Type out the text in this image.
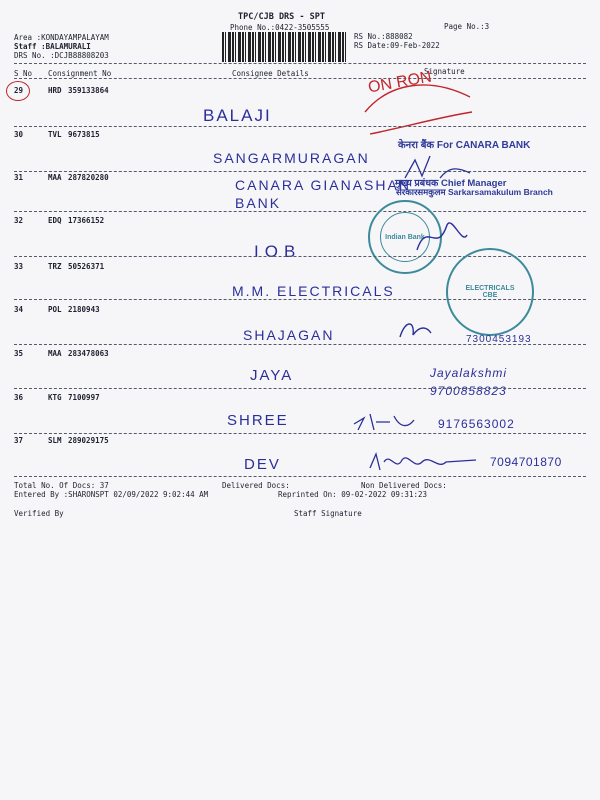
TPC/CJB DRS - SPT
Phone No.:0422-3505555	Page No.:3
Area :KONDAYAMPALAYAM
Staff :BALAMURALI
DRS No. :DCJB88808203
RS No.:888082
RS Date:09-Feb-2022
S No Consignment No	Consignee Details	Signature
29	HRD 359133864
BALAJI
ON RON
30	TVL 9673815
SANGARMURAGAN
केनरा बैंक For CANARA BANK
31	MAA 287820280	CANARA GIANASHAN BANK
मुख्य प्रबंधक Chief Manager
सरकारसमकुलम Sarkarsamakulum Branch
32	EDQ 17366152
IOB
Indian Bank
33	TRZ 50526371
M.M. ELECTRICALS	ELECTRICALS CBE
34	POL 2180943
SHAJAGAN	7300453193
35	MAA 283478063
JAYA	Jayalakshmi 9700858823
36	KTG 7100997
SHREE	9176563002
37	SLM 289029175
DEV	7094701870
Total No. Of Docs: 37	Delivered Docs:	Non Delivered Docs:
Entered By :SHARONSPT 02/09/2022 9:02:44 AM	Reprinted On: 09-02-2022 09:31:23
Verified By	Staff Signature
